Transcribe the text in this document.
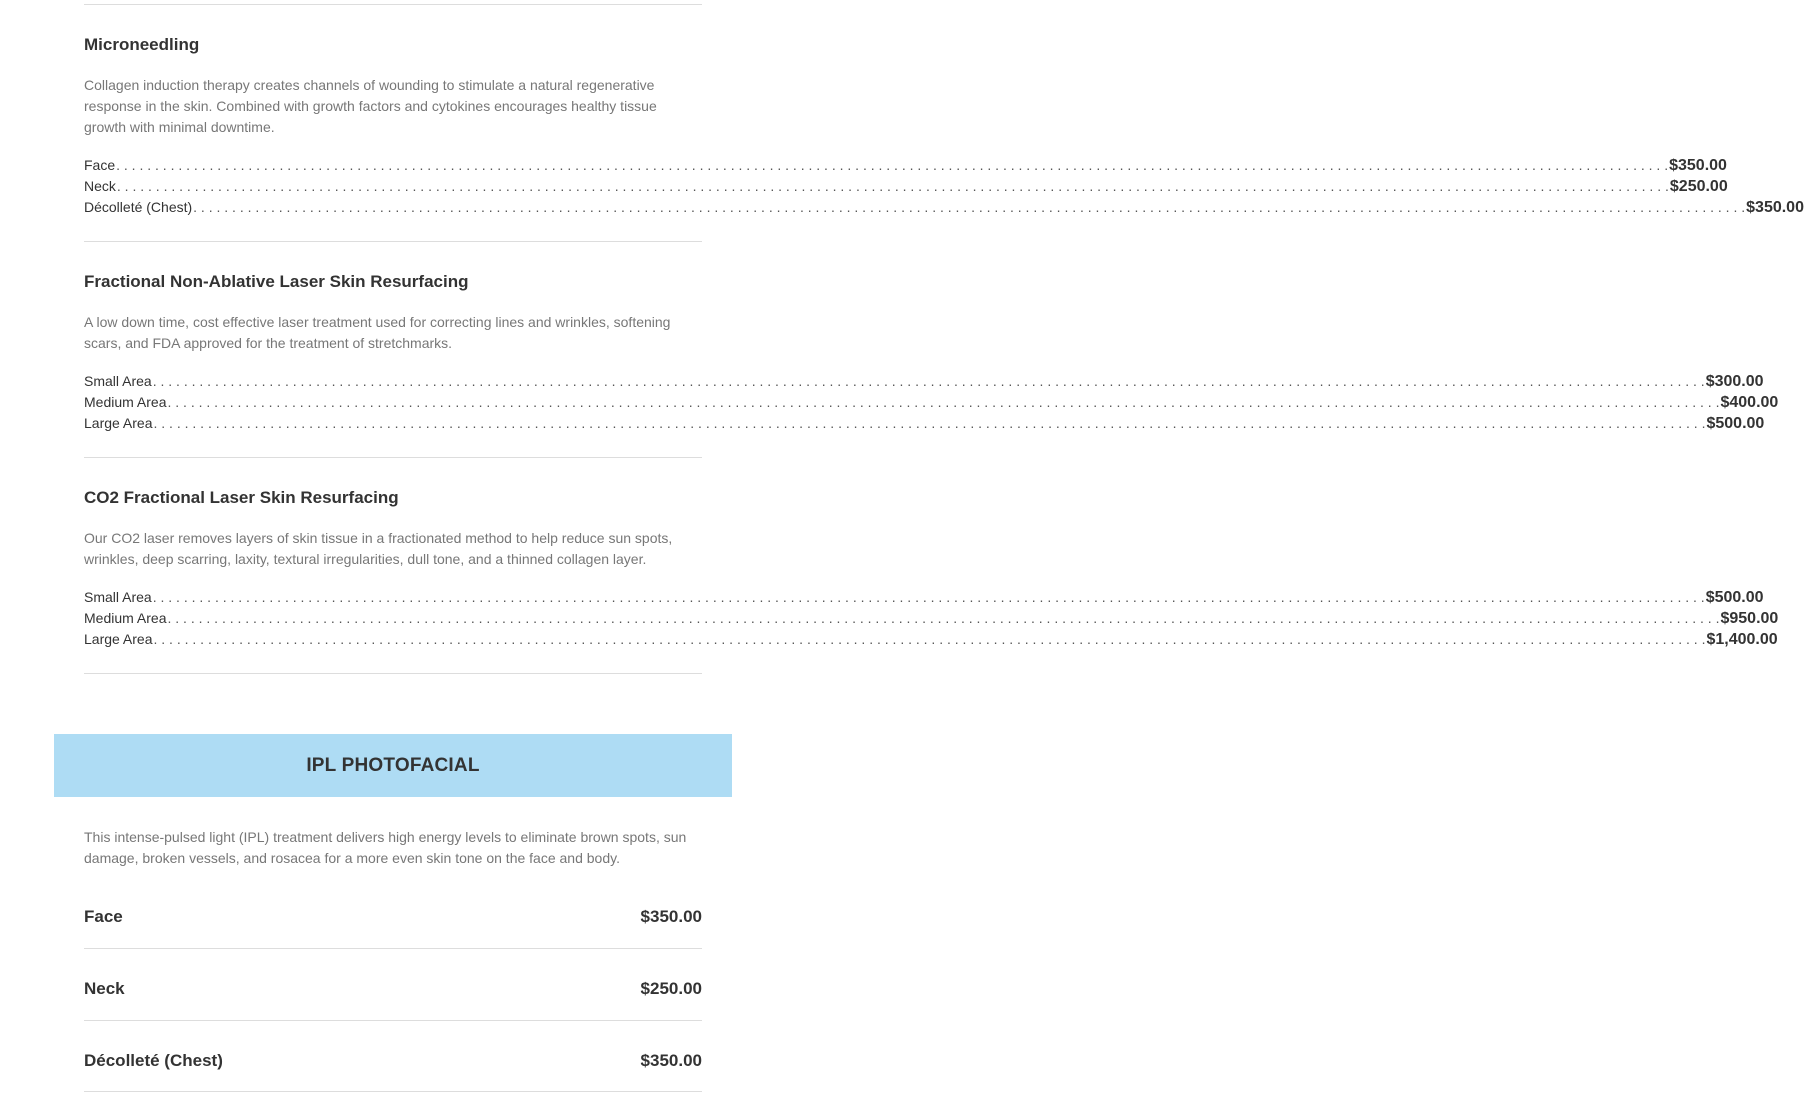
Microneedling

Collagen induction therapy creates channels of wounding to stimulate a natural regenerative response in the skin. Combined with growth factors and cytokines encourages healthy tissue growth with minimal downtime.

Face . . . . . . . . . . . . . . . . . . . . . . . . . . . . . . . . . . . . . . . . . . . . . . . . . . . . . . . . . . . . . . . . . . . . . . . . . . . . . . . . . . . . . . . . . . . . . . . . . . . . . . . . . . . . . . . . . . . . . . . . . . . . . . . . . . . . . . . . . . . . . . . . . . . . . . . . . . . . . . . . . . . . . . . . . . . . . . . . . . . . . . . . . . . . . . . . . . . . . . . . $350.00
Neck . . . . . . . . . . . . . . . . . . . . . . . . . . . . . . . . . . . . . . . . . . . . . . . . . . . . . . . . . . . . . . . . . . . . . . . . . . . . . . . . . . . . . . . . . . . . . . . . . . . . . . . . . . . . . . . . . . . . . . . . . . . . . . . . . . . . . . . . . . . . . . . . . . . . . . . . . . . . . . . . . . . . . . . . . . . . . . . . . . . . . . . . . . . . . . . . . . . . . . . . $250.00
Décolleté (Chest) . . . . . . . . . . . . . . . . . . . . . . . . . . . . . . . . . . . . . . . . . . . . . . . . . . . . . . . . . . . . . . . . . . . . . . . . . . . . . . . . . . . . . . . . . . . . . . . . . . . . . . . . . . . . . . . . . . . . . . . . . . . . . . . . . . . . . . . . . . . . . . . . . . . . . . . . . . . . . . . . . . . . . . . . . . . . . . . . . . . . . . . . . . . . . . . . . . . . . . . . $350.00
Fractional Non-Ablative Laser Skin Resurfacing

A low down time, cost effective laser treatment used for correcting lines and wrinkles, softening scars, and FDA approved for the treatment of stretchmarks.

Small Area . . . . . . . . . . . . . . . . . . . . . . . . . . . . . . . . . . . . . . . . . . . . . . . . . . . . . . . . . . . . . . . . . . . . . . . . . . . . . . . . . . . . . . . . . . . . . . . . . . . . . . . . . . . . . . . . . . . . . . . . . . . . . . . . . . . . . . . . . . . . . . . . . . . . . . . . . . . . . . . . . . . . . . . . . . . . . . . . . . . . . . . . . . . . . . . . . . . . . . . . $300.00
Medium Area . . . . . . . . . . . . . . . . . . . . . . . . . . . . . . . . . . . . . . . . . . . . . . . . . . . . . . . . . . . . . . . . . . . . . . . . . . . . . . . . . . . . . . . . . . . . . . . . . . . . . . . . . . . . . . . . . . . . . . . . . . . . . . . . . . . . . . . . . . . . . . . . . . . . . . . . . . . . . . . . . . . . . . . . . . . . . . . . . . . . . . . . . . . . . . . . . . . . . . . . $400.00
Large Area . . . . . . . . . . . . . . . . . . . . . . . . . . . . . . . . . . . . . . . . . . . . . . . . . . . . . . . . . . . . . . . . . . . . . . . . . . . . . . . . . . . . . . . . . . . . . . . . . . . . . . . . . . . . . . . . . . . . . . . . . . . . . . . . . . . . . . . . . . . . . . . . . . . . . . . . . . . . . . . . . . . . . . . . . . . . . . . . . . . . . . . . . . . . . . . . . . . . . . . . $500.00
CO2 Fractional Laser Skin Resurfacing

Our CO2 laser removes layers of skin tissue in a fractionated method to help reduce sun spots, wrinkles, deep scarring, laxity, textural irregularities, dull tone, and a thinned collagen layer.

Small Area . . . . . . . . . . . . . . . . . . . . . . . . . . . . . . . . . . . . . . . . . . . . . . . . . . . . . . . . . . . . . . . . . . . . . . . . . . . . . . . . . . . . . . . . . . . . . . . . . . . . . . . . . . . . . . . . . . . . . . . . . . . . . . . . . . . . . . . . . . . . . . . . . . . . . . . . . . . . . . . . . . . . . . . . . . . . . . . . . . . . . . . . . . . . . . . . . . . . . . . . $500.00
Medium Area . . . . . . . . . . . . . . . . . . . . . . . . . . . . . . . . . . . . . . . . . . . . . . . . . . . . . . . . . . . . . . . . . . . . . . . . . . . . . . . . . . . . . . . . . . . . . . . . . . . . . . . . . . . . . . . . . . . . . . . . . . . . . . . . . . . . . . . . . . . . . . . . . . . . . . . . . . . . . . . . . . . . . . . . . . . . . . . . . . . . . . . . . . . . . . . . . . . . . . . . $950.00
Large Area . . . . . . . . . . . . . . . . . . . . . . . . . . . . . . . . . . . . . . . . . . . . . . . . . . . . . . . . . . . . . . . . . . . . . . . . . . . . . . . . . . . . . . . . . . . . . . . . . . . . . . . . . . . . . . . . . . . . . . . . . . . . . . . . . . . . . . . . . . . . . . . . . . . . . . . . . . . . . . . . . . . . . . . . . . . . . . . . . . . . . . . . . . . . . . . . . . . . . . . . $1,400.00
IPL PHOTOFACIAL

This intense-pulsed light (IPL) treatment delivers high energy levels to eliminate brown spots, sun damage, broken vessels, and rosacea for a more even skin tone on the face and body.

Face	$350.00
Neck	$250.00
Décolleté (Chest)	$350.00
